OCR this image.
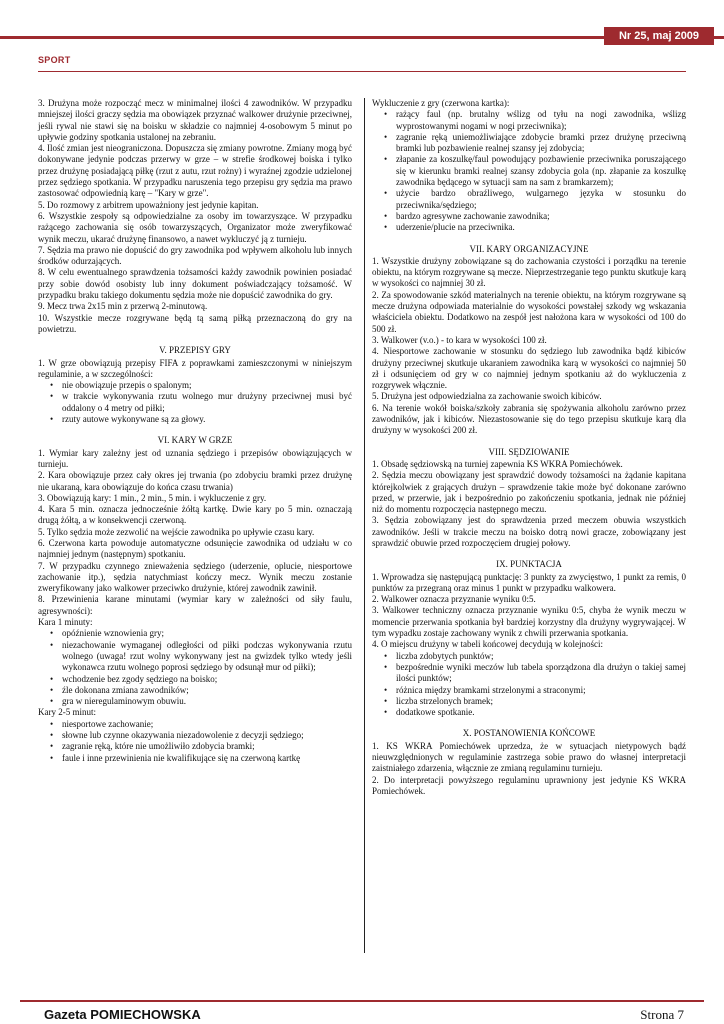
Nr 25, maj 2009
SPORT

3. Drużyna może rozpocząć mecz w minimalnej ilości 4 zawodników. W przypadku mniejszej ilości graczy sędzia ma obowiązek przyznać walkower drużynie przeciwnej, jeśli rywal nie stawi się na boisku w składzie co najmniej 4-osobowym 5 minut po upływie godziny spotkania ustalonej na zebraniu.

4. Ilość zmian jest nieograniczona. Dopuszcza się zmiany powrotne. Zmiany mogą być dokonywane jedynie podczas przerwy w grze – w strefie środkowej boiska i tylko przez drużynę posiadającą piłkę (rzut z autu, rzut rożny) i wyraźnej zgodzie udzielonej przez sędziego spotkania. W przypadku naruszenia tego przepisu gry sędzia ma prawo zastosować odpowiednią karę – "Kary w grze".

5. Do rozmowy z arbitrem upoważniony jest jedynie kapitan.

6. Wszystkie zespoły są odpowiedzialne za osoby im towarzyszące. W przypadku rażącego zachowania się osób towarzyszących, Organizator może zweryfikować wynik meczu, ukarać drużynę finansowo, a nawet wykluczyć ją z turnieju.

7. Sędzia ma prawo nie dopuścić do gry zawodnika pod wpływem alkoholu lub innych środków odurzających.

8. W celu ewentualnego sprawdzenia tożsamości każdy zawodnik powinien posiadać przy sobie dowód osobisty lub inny dokument poświadczający tożsamość. W przypadku braku takiego dokumentu sędzia może nie dopuścić zawodnika do gry.

9. Mecz trwa 2x15 min z przerwą 2-minutową.

10. Wszystkie mecze rozgrywane będą tą samą piłką przeznaczoną do gry na powietrzu.

V. PRZEPISY GRY

1. W grze obowiązują przepisy FIFA z poprawkami zamieszczonymi w niniejszym regulaminie, a w szczególności:

• nie obowiązuje przepis o spalonym;

• w trakcie wykonywania rzutu wolnego mur drużyny przeciwnej musi być oddalony o 4 metry od piłki;

• rzuty autowe wykonywane są za głowy.

VI. KARY W GRZE

1. Wymiar kary zależny jest od uznania sędziego i przepisów obowiązujących w turnieju.

2. Kara obowiązuje przez cały okres jej trwania (po zdobyciu bramki przez drużynę nie ukaraną, kara obowiązuje do końca czasu trwania)

3. Obowiązują kary: 1 min., 2 min., 5 min. i wykluczenie z gry.

4. Kara 5 min. oznacza jednocześnie żółtą kartkę. Dwie kary po 5 min. oznaczają drugą żółtą, a w konsekwencji czerwoną.

5. Tylko sędzia może zezwolić na wejście zawodnika po upływie czasu kary.

6. Czerwona karta powoduje automatyczne odsunięcie zawodnika od udziału w co najmniej jednym (następnym) spotkaniu.

7. W przypadku czynnego znieważenia sędziego (uderzenie, oplucie, niesportowe zachowanie itp.), sędzia natychmiast kończy mecz. Wynik meczu zostanie zweryfikowany jako walkower przeciwko drużynie, której zawodnik zawinił.

8. Przewinienia karane minutami (wymiar kary w zależności od siły faulu, agresywności):

Kara 1 minuty:

• opóźnienie wznowienia gry;

• niezachowanie wymaganej odległości od piłki podczas wykonywania rzutu wolnego (uwaga! rzut wolny wykonywany jest na gwizdek tylko wtedy jeśli wykonawca rzutu wolnego poprosi sędziego by odsunął mur od piłki);

• wchodzenie bez zgody sędziego na boisko;

• źle dokonana zmiana zawodników;

• gra w nieregulaminowym obuwiu.

Kary 2-5 minut:

• niesportowe zachowanie;

• słowne lub czynne okazywania niezadowolenie z decyzji sędziego;

• zagranie ręką, które nie umożliwiło zdobycia bramki;

• faule i inne przewinienia nie kwalifikujące się na czerwoną kartkę

Wykluczenie z gry (czerwona kartka):

• rażący faul (np. brutalny wślizg od tyłu na nogi zawodnika, wślizg wyprostowanymi nogami w nogi przeciwnika);

• zagranie ręką uniemożliwiające zdobycie bramki przez drużynę przeciwną bramki lub pozbawienie realnej szansy jej zdobycia;

• złapanie za koszulkę/faul powodujący pozbawienie przeciwnika poruszającego się w kierunku bramki realnej szansy zdobycia gola (np. złapanie za koszulkę zawodnika będącego w sytuacji sam na sam z bramkarzem);

• użycie bardzo obraźliwego, wulgarnego języka w stosunku do przeciwnika/sędziego;

• bardzo agresywne zachowanie zawodnika;

• uderzenie/plucie na przeciwnika.

VII. KARY ORGANIZACYJNE

1. Wszystkie drużyny zobowiązane są do zachowania czystości i porządku na terenie obiektu, na którym rozgrywane są mecze. Nieprzestrzeganie tego punktu skutkuje karą w wysokości co najmniej 30 zł.

2. Za spowodowanie szkód materialnych na terenie obiektu, na którym rozgrywane są mecze drużyna odpowiada materialnie do wysokości powstałej szkody wg wskazania właściciela obiektu. Dodatkowo na zespół jest nałożona kara w wysokości od 100 do 500 zł.

3. Walkower (v.o.) - to kara w wysokości 100 zł.

4. Niesportowe zachowanie w stosunku do sędziego lub zawodnika bądź kibiców drużyny przeciwnej skutkuje ukaraniem zawodnika karą w wysokości co najmniej 50 zł i odsunięciem od gry w co najmniej jednym spotkaniu aż do wykluczenia z rozgrywek włącznie.

5. Drużyna jest odpowiedzialna za zachowanie swoich kibiców.

6. Na terenie wokół boiska/szkoły zabrania się spożywania alkoholu zarówno przez zawodników, jak i kibiców. Niezastosowanie się do tego przepisu skutkuje karą dla drużyny w wysokości 200 zł.

VIII. SĘDZIOWANIE

1. Obsadę sędziowską na turniej zapewnia KS WKRA Pomiechówek.

2. Sędzia meczu obowiązany jest sprawdzić dowody tożsamości na żądanie kapitana którejkolwiek z grających drużyn – sprawdzenie takie może być dokonane zarówno przed, w przerwie, jak i bezpośrednio po zakończeniu spotkania, jednak nie później niż do momentu rozpoczęcia następnego meczu.

3. Sędzia zobowiązany jest do sprawdzenia przed meczem obuwia wszystkich zawodników. Jeśli w trakcie meczu na boisko dotrą nowi gracze, zobowiązany jest sprawdzić obuwie przed rozpoczęciem drugiej połowy.

IX. PUNKTACJA

1. Wprowadza się następującą punktację: 3 punkty za zwycięstwo, 1 punkt za remis, 0 punktów za przegraną oraz minus 1 punkt w przypadku walkowera.

2. Walkower oznacza przyznanie wyniku 0:5.

3. Walkower techniczny oznacza przyznanie wyniku 0:5, chyba że wynik meczu w momencie przerwania spotkania był bardziej korzystny dla drużyny wygrywającej. W tym wypadku zostaje zachowany wynik z chwili przerwania spotkania.

4. O miejscu drużyny w tabeli końcowej decydują w kolejności:

• liczba zdobytych punktów;

• bezpośrednie wyniki meczów lub tabela sporządzona dla drużyn o takiej samej ilości punktów;

• różnica między bramkami strzelonymi a straconymi;

• liczba strzelonych bramek;

• dodatkowe spotkanie.

X. POSTANOWIENIA KOŃCOWE

1. KS WKRA Pomiechówek uprzedza, że w sytuacjach nietypowych bądź nieuwzględnionych w regulaminie zastrzega sobie prawo do własnej interpretacji zaistniałego zdarzenia, włącznie ze zmianą regulaminu turnieju.

2. Do interpretacji powyższego regulaminu uprawniony jest jedynie KS WKRA Pomiechówek.

Gazeta POMIECHOWSKA	Strona 7
